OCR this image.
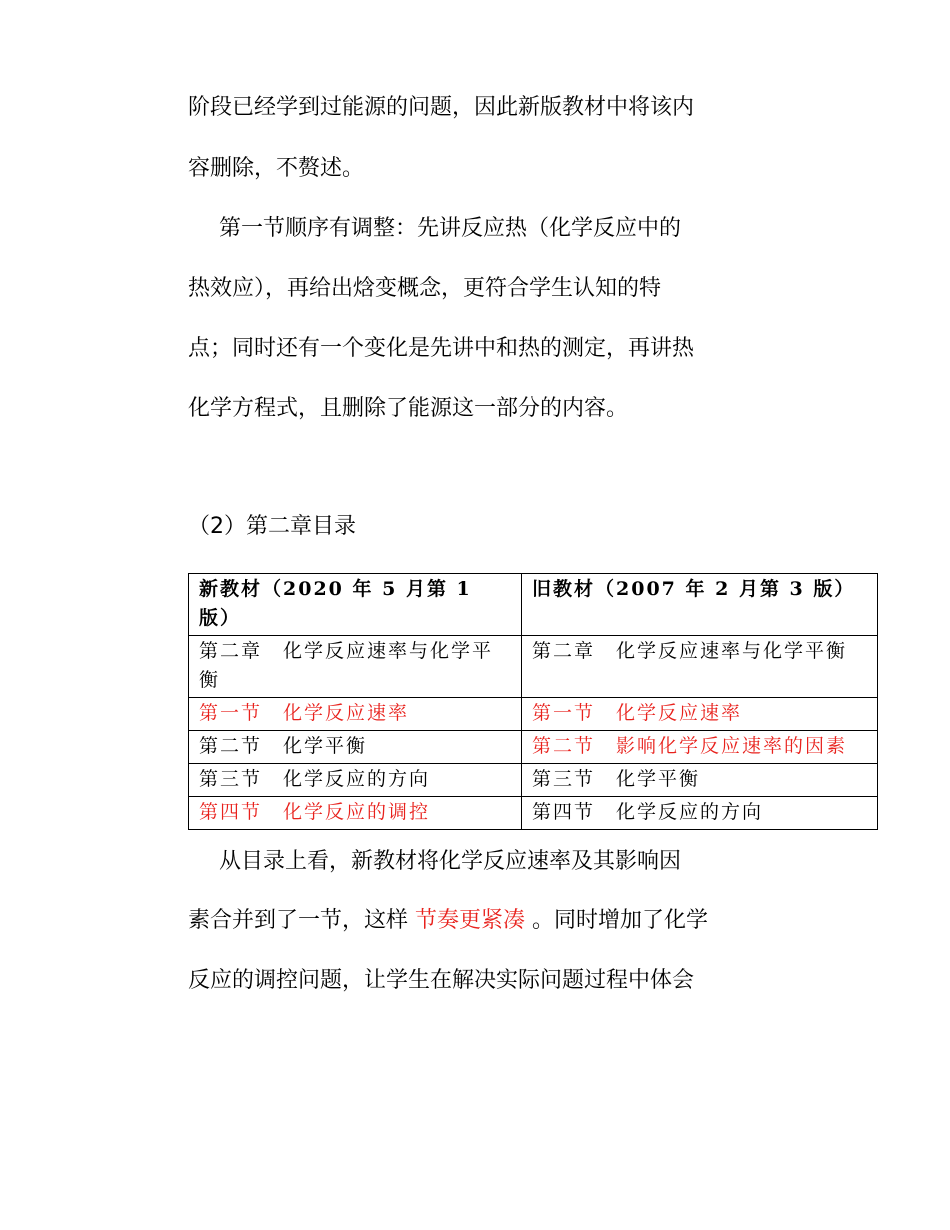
阶段已经学到过能源的问题，因此新版教材中将该内
容删除，不赘述。
第一节顺序有调整：先讲反应热（化学反应中的
热效应），再给出焓变概念，更符合学生认知的特
点；同时还有一个变化是先讲中和热的测定，再讲热
化学方程式，且删除了能源这一部分的内容。
（2）第二章目录
新教材（2020 年 5 月第 1 版）	旧教材（2007 年 2 月第 3 版）
第二章　化学反应速率与化学平衡	第二章　化学反应速率与化学平衡
第一节　化学反应速率	第一节　化学反应速率
第二节　化学平衡	第二节　影响化学反应速率的因素
第三节　化学反应的方向	第三节　化学平衡
第四节　化学反应的调控	第四节　化学反应的方向
从目录上看，新教材将化学反应速率及其影响因
素合并到了一节，这样 节奏更紧凑 。同时增加了化学
反应的调控问题，让学生在解决实际问题过程中体会
